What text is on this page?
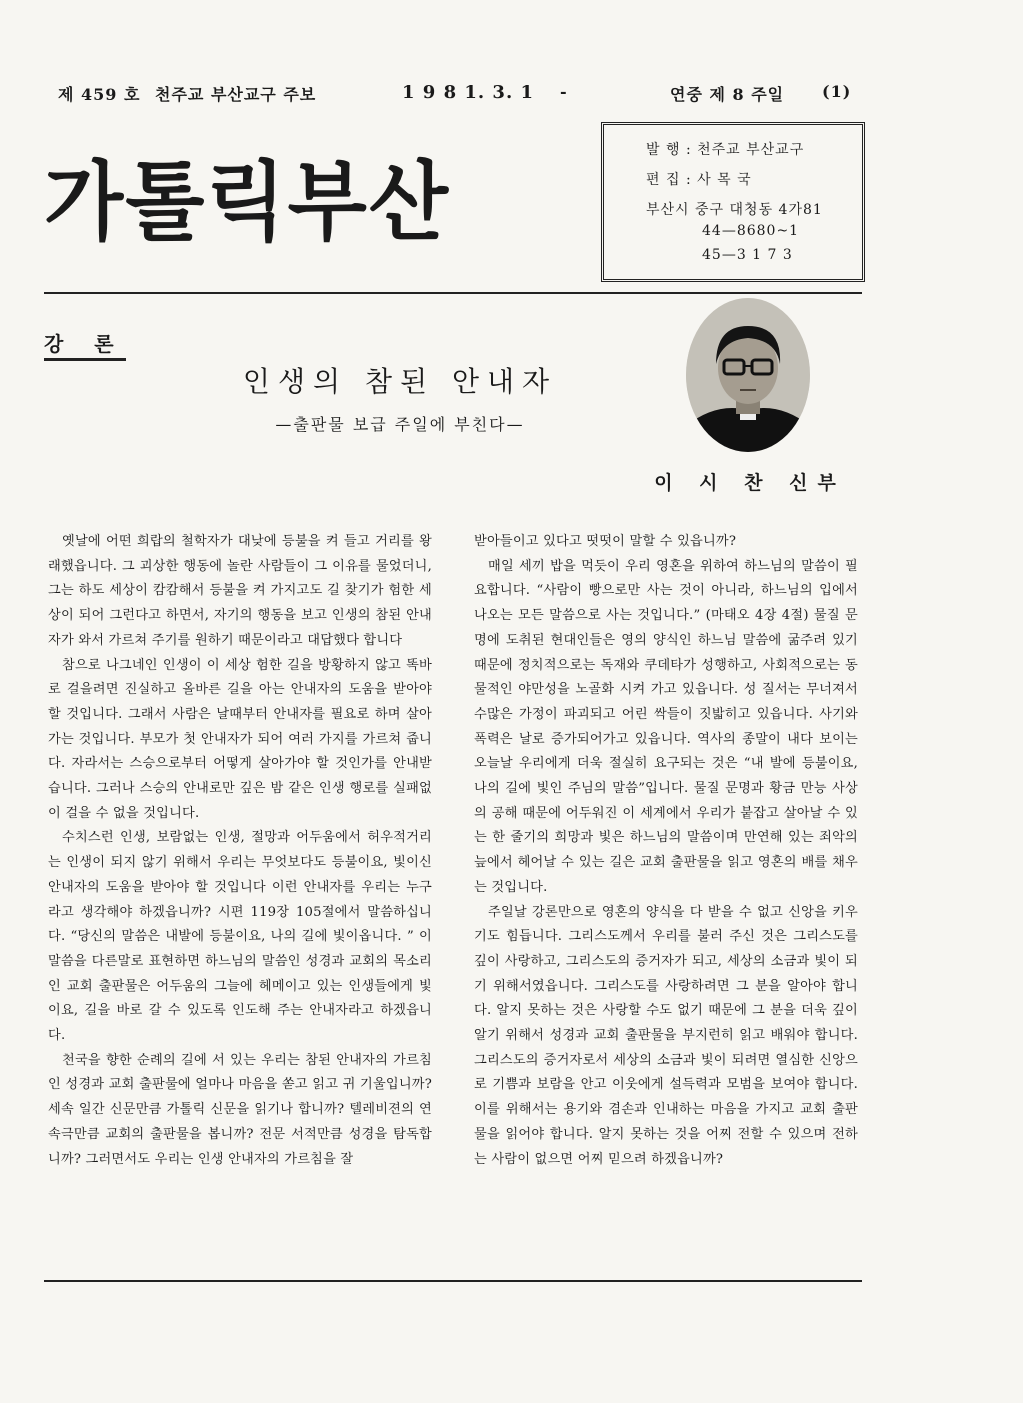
제 459 호 천주교 부산교구 주보	1 9 8 1. 3. 1 -	연중 제 8 주일 (1)
가톨릭부산
발 행 : 천주교 부산교구
편 집 : 사 목 국
부산시 중구 대청동 4가81
44—8680~1
45—3 1 7 3
강 론
인생의 참된 안내자
—출판물 보급 주일에 부친다—
이 시 찬 신부

옛날에 어떤 희랍의 철학자가 대낮에 등불을 켜 들고 거리를 왕래했읍니다. 그 괴상한 행동에 놀란 사람들이 그 이유를 물었더니, 그는 하도 세상이 캄캄해서 등불을 켜 가지고도 길 찾기가 험한 세상이 되어 그런다고 하면서, 자기의 행동을 보고 인생의 참된 안내자가 와서 가르쳐 주기를 원하기 때문이라고 대답했다 합니다

참으로 나그네인 인생이 이 세상 험한 길을 방황하지 않고 똑바로 걸을려면 진실하고 올바른 길을 아는 안내자의 도움을 받아야 할 것입니다. 그래서 사람은 날때부터 안내자를 필요로 하며 살아가는 것입니다. 부모가 첫 안내자가 되어 여러 가지를 가르쳐 줍니다. 자라서는 스승으로부터 어떻게 살아가야 할 것인가를 안내받습니다. 그러나 스승의 안내로만 깊은 밤 같은 인생 행로를 실패없이 걸을 수 없을 것입니다.

수치스런 인생, 보람없는 인생, 절망과 어두움에서 허우적거리는 인생이 되지 않기 위해서 우리는 무엇보다도 등불이요, 빛이신 안내자의 도움을 받아야 할 것입니다 이런 안내자를 우리는 누구라고 생각해야 하겠읍니까? 시편 119장 105절에서 말씀하십니다. “당신의 말씀은 내발에 등불이요, 나의 길에 빛이옵니다. ” 이 말씀을 다른말로 표현하면 하느님의 말씀인 성경과 교회의 목소리인 교회 출판물은 어두움의 그늘에 헤메이고 있는 인생들에게 빛이요, 길을 바로 갈 수 있도록 인도해 주는 안내자라고 하겠읍니다.

천국을 향한 순례의 길에 서 있는 우리는 참된 안내자의 가르침인 성경과 교회 출판물에 얼마나 마음을 쏟고 읽고 귀 기울입니까? 세속 일간 신문만큼 가톨릭 신문을 읽기나 합니까? 텔레비젼의 연속극만큼 교회의 출판물을 봅니까? 전문 서적만큼 성경을 탐독합니까? 그러면서도 우리는 인생 안내자의 가르침을 잘

받아들이고 있다고 떳떳이 말할 수 있읍니까?

매일 세끼 밥을 먹듯이 우리 영혼을 위하여 하느님의 말씀이 필요합니다. “사람이 빵으로만 사는 것이 아니라, 하느님의 입에서 나오는 모든 말씀으로 사는 것입니다.” (마태오 4장 4절) 물질 문명에 도취된 현대인들은 영의 양식인 하느님 말씀에 굶주려 있기 때문에 정치적으로는 독재와 쿠데타가 성행하고, 사회적으로는 동물적인 야만성을 노골화 시켜 가고 있읍니다. 성 질서는 무너져서 수많은 가정이 파괴되고 어린 싹들이 짓밟히고 있읍니다. 사기와 폭력은 날로 증가되어가고 있읍니다. 역사의 종말이 내다 보이는 오늘날 우리에게 더욱 절실히 요구되는 것은 “내 발에 등불이요, 나의 길에 빛인 주님의 말씀”입니다. 물질 문명과 황금 만능 사상의 공해 때문에 어두워진 이 세계에서 우리가 붙잡고 살아날 수 있는 한 줄기의 희망과 빛은 하느님의 말씀이며 만연해 있는 죄악의 늪에서 헤어날 수 있는 길은 교회 출판물을 읽고 영혼의 배를 채우는 것입니다.

주일날 강론만으로 영혼의 양식을 다 받을 수 없고 신앙을 키우기도 힘듭니다. 그리스도께서 우리를 불러 주신 것은 그리스도를 깊이 사랑하고, 그리스도의 증거자가 되고, 세상의 소금과 빛이 되기 위해서였읍니다. 그리스도를 사랑하려면 그 분을 알아야 합니다. 알지 못하는 것은 사랑할 수도 없기 때문에 그 분을 더욱 깊이 알기 위해서 성경과 교회 출판물을 부지런히 읽고 배워야 합니다. 그리스도의 증거자로서 세상의 소금과 빛이 되려면 열심한 신앙으로 기쁨과 보람을 안고 이웃에게 설득력과 모범을 보여야 합니다. 이를 위해서는 용기와 겸손과 인내하는 마음을 가지고 교회 출판물을 읽어야 합니다. 알지 못하는 것을 어찌 전할 수 있으며 전하는 사람이 없으면 어찌 믿으려 하겠읍니까?
